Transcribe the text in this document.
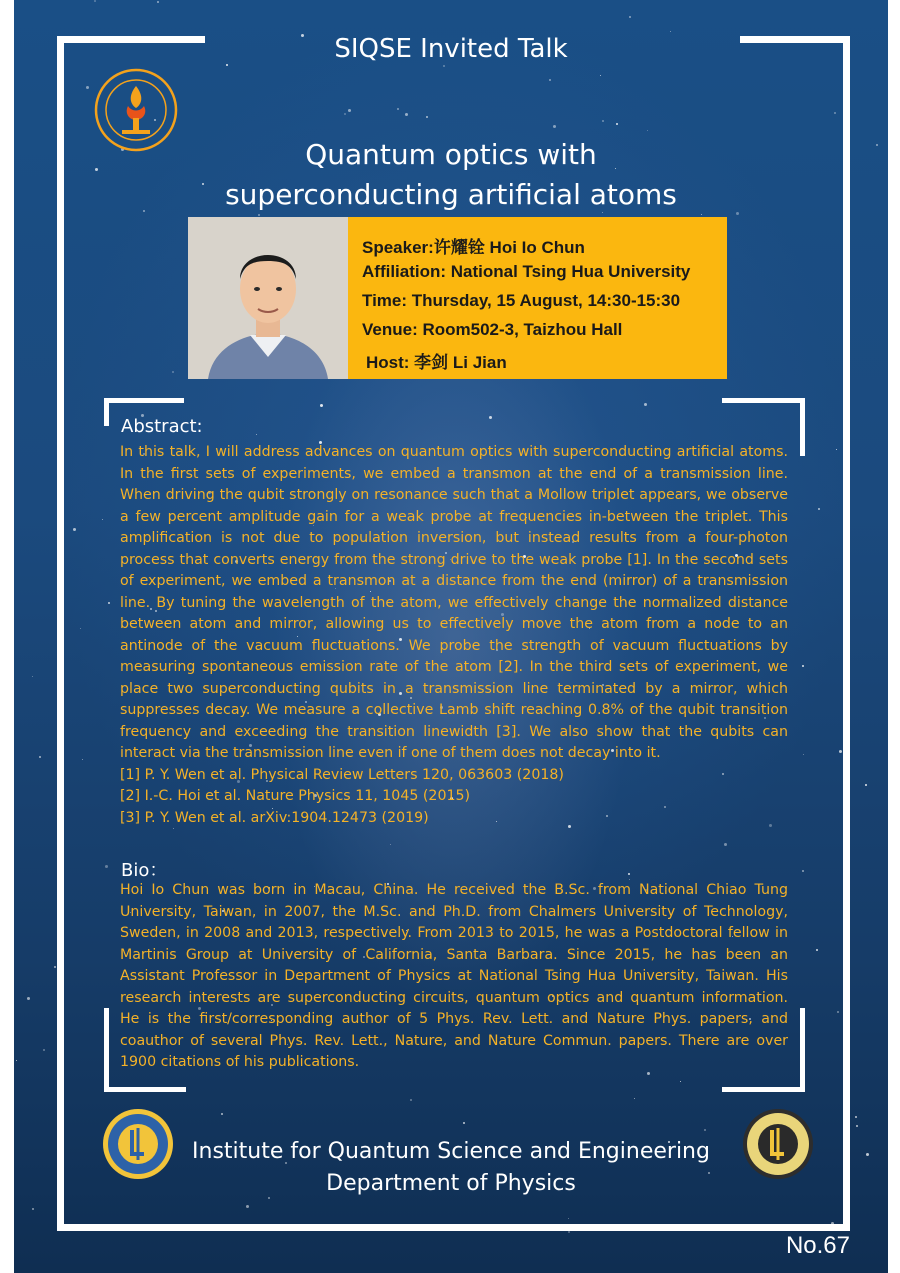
SIQSE Invited Talk
Quantum optics with
superconducting artificial atoms
Speaker:许耀铨 Hoi Io Chun
Affiliation: National Tsing Hua University
Time: Thursday, 15 August, 14:30-15:30
Venue: Room502-3, Taizhou Hall
Host: 李剑 Li Jian
Abstract:
In this talk, I will address advances on quantum optics with superconducting artificial atoms. In the first sets of experiments, we embed a transmon at the end of a transmission line. When driving the qubit strongly on resonance such that a Mollow triplet appears, we observe a few percent amplitude gain for a weak probe at frequencies in-between the triplet. This amplification is not due to population inversion, but instead results from a four-photon process that converts energy from the strong drive to the weak probe [1]. In the second sets of experiment, we embed a transmon at a distance from the end (mirror) of a transmission line. By tuning the wavelength of the atom, we effectively change the normalized distance between atom and mirror, allowing us to effectively move the atom from a node to an antinode of the vacuum fluctuations. We probe the strength of vacuum fluctuations by measuring spontaneous emission rate of the atom [2]. In the third sets of experiment, we place two superconducting qubits in a transmission line terminated by a mirror, which suppresses decay. We measure a collective Lamb shift reaching 0.8% of the qubit transition frequency and exceeding the transition linewidth [3]. We also show that the qubits can interact via the transmission line even if one of them does not decay into it.
[1] P. Y. Wen et al. Physical Review Letters 120, 063603 (2018)
[2] I.-C. Hoi et al. Nature Physics 11, 1045 (2015)
[3] P. Y. Wen et al. arXiv:1904.12473 (2019)
Bio：
Hoi Io Chun was born in Macau, China. He received the B.Sc. from National Chiao Tung University, Taiwan, in 2007, the M.Sc. and Ph.D. from Chalmers University of Technology, Sweden, in 2008 and 2013, respectively. From 2013 to 2015, he was a Postdoctoral fellow in Martinis Group at University of California, Santa Barbara. Since 2015, he has been an Assistant Professor in Department of Physics at National Tsing Hua University, Taiwan. His research interests are superconducting circuits, quantum optics and quantum information. He is the first/corresponding author of 5 Phys. Rev. Lett. and Nature Phys. papers, and coauthor of several Phys. Rev. Lett., Nature, and Nature Commun. papers. There are over 1900 citations of his publications.
Institute for Quantum Science and Engineering
Department of Physics
No.67
